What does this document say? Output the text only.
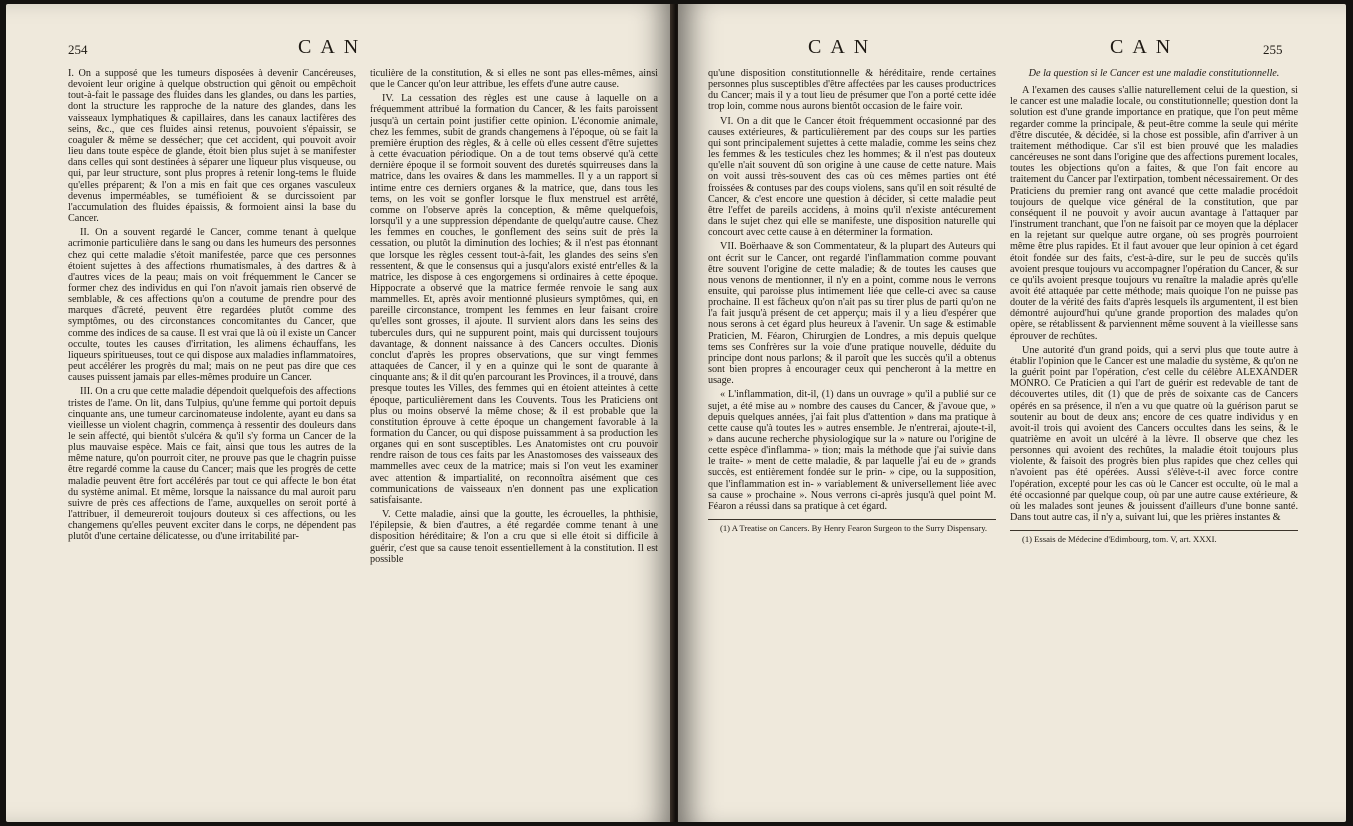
254	CAN

I. On a supposé que les tumeurs disposées à devenir Cancéreuses, devoient leur origine à quelque obstruction qui gênoit ou empêchoit tout-à-fait le passage des fluides dans les glandes, ou dans les parties, dont la structure les rapproche de la nature des glandes, dans les vaisseaux lymphatiques & capillaires, dans les canaux lactifères des seins, &c., que ces fluides ainsi retenus, pouvoient s'épaissir, se coaguler & même se dessécher; que cet accident, qui pouvoit avoir lieu dans toute espèce de glande, étoit bien plus sujet à se manifester dans celles qui sont destinées à séparer une liqueur plus visqueuse, ou qui, par leur structure, sont plus propres à retenir long-tems le fluide qu'elles préparent; & l'on a mis en fait que ces organes vasculeux devenus imperméables, se tuméfioient & se durcissoient par l'accumulation des fluides épaissis, & formoient ainsi la base du Cancer.

II. On a souvent regardé le Cancer, comme tenant à quelque acrimonie particulière dans le sang ou dans les humeurs des personnes chez qui cette maladie s'étoit manifestée, parce que ces personnes étoient sujettes à des affections rhumatismales, à des dartres & à d'autres vices de la peau; mais on voit fréquemment le Cancer se former chez des individus en qui l'on n'avoit jamais rien observé de semblable, & ces affections qu'on a coutume de prendre pour des marques d'âcreté, peuvent être regardées plutôt comme des symptômes, ou des circonstances concomitantes du Cancer, que comme des indices de sa cause. Il est vrai que là où il existe un Cancer occulte, toutes les causes d'irritation, les alimens échauffans, les liqueurs spiritueuses, tout ce qui dispose aux maladies inflammatoires, peut accélérer les progrès du mal; mais on ne peut pas dire que ces causes puissent jamais par elles-mêmes produire un Cancer.

III. On a cru que cette maladie dépendoit quelquefois des affections tristes de l'ame. On lit, dans Tulpius, qu'une femme qui portoit depuis cinquante ans, une tumeur carcinomateuse indolente, ayant eu dans sa vieillesse un violent chagrin, commença à ressentir des douleurs dans le sein affecté, qui bientôt s'ulcéra & qu'il s'y forma un Cancer de la plus mauvaise espèce. Mais ce fait, ainsi que tous les autres de la même nature, qu'on pourroit citer, ne prouve pas que le chagrin puisse être regardé comme la cause du Cancer; mais que les progrès de cette maladie peuvent être fort accélérés par tout ce qui affecte le bon état du système animal. Et même, lorsque la naissance du mal auroit paru suivre de près ces affections de l'ame, auxquelles on seroit porté à l'attribuer, il demeureroit toujours douteux si ces affections, ou les changemens qu'elles peuvent exciter dans le corps, ne dépendent pas plutôt d'une certaine délicatesse, ou d'une irritabilité par-

ticulière de la constitution, & si elles ne sont pas elles-mêmes, ainsi que le Cancer qu'on leur attribue, les effets d'une autre cause.

IV. La cessation des règles est une cause à laquelle on a fréquemment attribué la formation du Cancer, & les faits paroissent jusqu'à un certain point justifier cette opinion. L'économie animale, chez les femmes, subit de grands changemens à l'époque, où se fait la première éruption des règles, & à celle où elles cessent d'être sujettes à cette évacuation périodique. On a de tout tems observé qu'à cette dernière époque il se formoit souvent des duretés squirreuses dans la matrice, dans les ovaires & dans les mammelles. Il y a un rapport si intime entre ces derniers organes & la matrice, que, dans tous les tems, on les voit se gonfler lorsque le flux menstruel est arrêté, comme on l'observe après la conception, & même quelquefois, lorsqu'il y a une suppression dépendante de quelqu'autre cause. Chez les femmes en couches, le gonflement des seins suit de près la cessation, ou plutôt la diminution des lochies; & il n'est pas étonnant que lorsque les règles cessent tout-à-fait, les glandes des seins s'en ressentent, & que le consensus qui a jusqu'alors existé entr'elles & la matrice, les dispose à ces engorgemens si ordinaires à cette époque. Hippocrate a observé que la matrice fermée renvoie le sang aux mammelles. Et, après avoir mentionné plusieurs symptômes, qui, en pareille circonstance, trompent les femmes en leur faisant croire qu'elles sont grosses, il ajoute. Il survient alors dans les seins des tubercules durs, qui ne suppurent point, mais qui durcissent toujours davantage, & donnent naissance à des Cancers occultes. Dionis conclut d'après les propres observations, que sur vingt femmes attaquées de Cancer, il y en a quinze qui le sont de quarante à cinquante ans; & il dit qu'en parcourant les Provinces, il a trouvé, dans presque toutes les Villes, des femmes qui en étoient atteintes à cette époque, particulièrement dans les Couvents. Tous les Praticiens ont plus ou moins observé la même chose; & il est probable que la constitution éprouve à cette époque un changement favorable à la formation du Cancer, ou qui dispose puissamment à sa production les organes qui en sont susceptibles. Les Anatomistes ont cru pouvoir rendre raison de tous ces faits par les Anastomoses des vaisseaux des mammelles avec ceux de la matrice; mais si l'on veut les examiner avec attention & impartialité, on reconnoîtra aisément que ces communications de vaisseaux n'en donnent pas une explication satisfaisante.

V. Cette maladie, ainsi que la goutte, les écrouelles, la phthisie, l'épilepsie, & bien d'autres, a été regardée comme tenant à une disposition héréditaire; & l'on a cru que si elle étoit si difficile à guérir, c'est que sa cause tenoit essentiellement à la constitution. Il est possible

CAN	CAN	255

qu'une disposition constitutionnelle & héréditaire, rende certaines personnes plus susceptibles d'être affectées par les causes productrices du Cancer; mais il y a tout lieu de présumer que l'on a porté cette idée trop loin, comme nous aurons bientôt occasion de le faire voir.

VI. On a dit que le Cancer étoit fréquemment occasionné par des causes extérieures, & particulièrement par des coups sur les parties qui sont principalement sujettes à cette maladie, comme les seins chez les femmes & les testicules chez les hommes; & il n'est pas douteux qu'elle n'ait souvent dû son origine à une cause de cette nature. Mais on voit aussi très-souvent des cas où ces mêmes parties ont été froissées & contuses par des coups violens, sans qu'il en soit résulté de Cancer, & c'est encore une question à décider, si cette maladie peut être l'effet de pareils accidens, à moins qu'il n'existe antécurement dans le sujet chez qui elle se manifeste, une disposition naturelle qui concourt avec cette cause à en déterminer la formation.

VII. Boërhaave & son Commentateur, & la plupart des Auteurs qui ont écrit sur le Cancer, ont regardé l'inflammation comme pouvant être souvent l'origine de cette maladie; & de toutes les causes que nous venons de mentionner, il n'y en a point, comme nous le verrons ensuite, qui paroisse plus intimement liée que celle-ci avec sa cause prochaine. Il est fâcheux qu'on n'ait pas su tirer plus de parti qu'on ne l'a fait jusqu'à présent de cet apperçu; mais il y a lieu d'espérer que nous serons à cet égard plus heureux à l'avenir. Un sage & estimable Praticien, M. Féaron, Chirurgien de Londres, a mis depuis quelque tems ses Confrères sur la voie d'une pratique nouvelle, déduite du principe dont nous parlons; & il paroît que les succès qu'il a obtenus sont bien propres à encourager ceux qui pencheront à la mettre en usage.

« L'inflammation, dit-il, (1) dans un ouvrage » qu'il a publié sur ce sujet, a été mise au » nombre des causes du Cancer, & j'avoue que, » depuis quelques années, j'ai fait plus d'attention » dans ma pratique à cette cause qu'à toutes les » autres ensemble. Je n'entrerai, ajoute-t-il, » dans aucune recherche physiologique sur la » nature ou l'origine de cette espèce d'inflamma- » tion; mais la méthode que j'ai suivie dans le traite- » ment de cette maladie, & par laquelle j'ai eu de » grands succès, est entièrement fondée sur le prin- » cipe, ou la supposition, que l'inflammation est in- » variablement & universellement liée avec sa cause » prochaine ». Nous verrons ci-après jusqu'à quel point M. Féaron a réussi dans sa pratique à cet égard.

(1) A Treatise on Cancers. By Henry Fearon Surgeon to the Surry Dispensary.

De la question si le Cancer est une maladie constitutionnelle.

A l'examen des causes s'allie naturellement celui de la question, si le cancer est une maladie locale, ou constitutionnelle; question dont la solution est d'une grande importance en pratique, que l'on peut même regarder comme la principale, & peut-être comme la seule qui mérite d'être discutée, & décidée, si la chose est possible, afin d'arriver à un traitement méthodique. Car s'il est bien prouvé que les maladies cancéreuses ne sont dans l'origine que des affections purement locales, toutes les objections qu'on a faites, & que l'on fait encore au traitement du Cancer par l'extirpation, tombent nécessairement. Or des Praticiens du premier rang ont avancé que cette maladie procédoit toujours de quelque vice général de la constitution, que par conséquent il ne pouvoit y avoir aucun avantage à l'attaquer par l'instrument tranchant, que l'on ne faisoit par ce moyen que la déplacer en la rejetant sur quelque autre organe, où ses progrès pourroient même être plus rapides. Et il faut avouer que leur opinion à cet égard étoit fondée sur des faits, c'est-à-dire, sur le peu de succès qu'ils avoient presque toujours vu accompagner l'opération du Cancer, & sur ce qu'ils avoient presque toujours vu renaître la maladie après qu'elle avoit été attaquée par cette méthode; mais quoique l'on ne puisse pas douter de la vérité des faits d'après lesquels ils argumentent, il est bien démontré aujourd'hui qu'une grande proportion des malades qu'on opère, se rétablissent & parviennent même souvent à la vieillesse sans éprouver de rechûtes.

Une autorité d'un grand poids, qui a servi plus que toute autre à établir l'opinion que le Cancer est une maladie du système, & qu'on ne la guérit point par l'opération, c'est celle du célèbre ALEXANDER MONRO. Ce Praticien a qui l'art de guérir est redevable de tant de découvertes utiles, dit (1) que de près de soixante cas de Cancers opérés en sa présence, il n'en a vu que quatre où la guérison parut se soutenir au bout de deux ans; encore de ces quatre individus y en avoit-il trois qui avoient des Cancers occultes dans les seins, & le quatrième en avoit un ulcéré à la lèvre. Il observe que chez les personnes qui avoient des rechûtes, la maladie étoit toujours plus violente, & faisoit des progrès bien plus rapides que chez celles qui n'avoient pas été opérées. Aussi s'élève-t-il avec force contre l'opération, excepté pour les cas où le Cancer est occulte, où le mal a été occasionné par quelque coup, où par une autre cause extérieure, & où les malades sont jeunes & jouissent d'ailleurs d'une bonne santé. Dans tout autre cas, il n'y a, suivant lui, que les prières instantes &

(1) Essais de Médecine d'Edimbourg, tom. V, art. XXXI.
